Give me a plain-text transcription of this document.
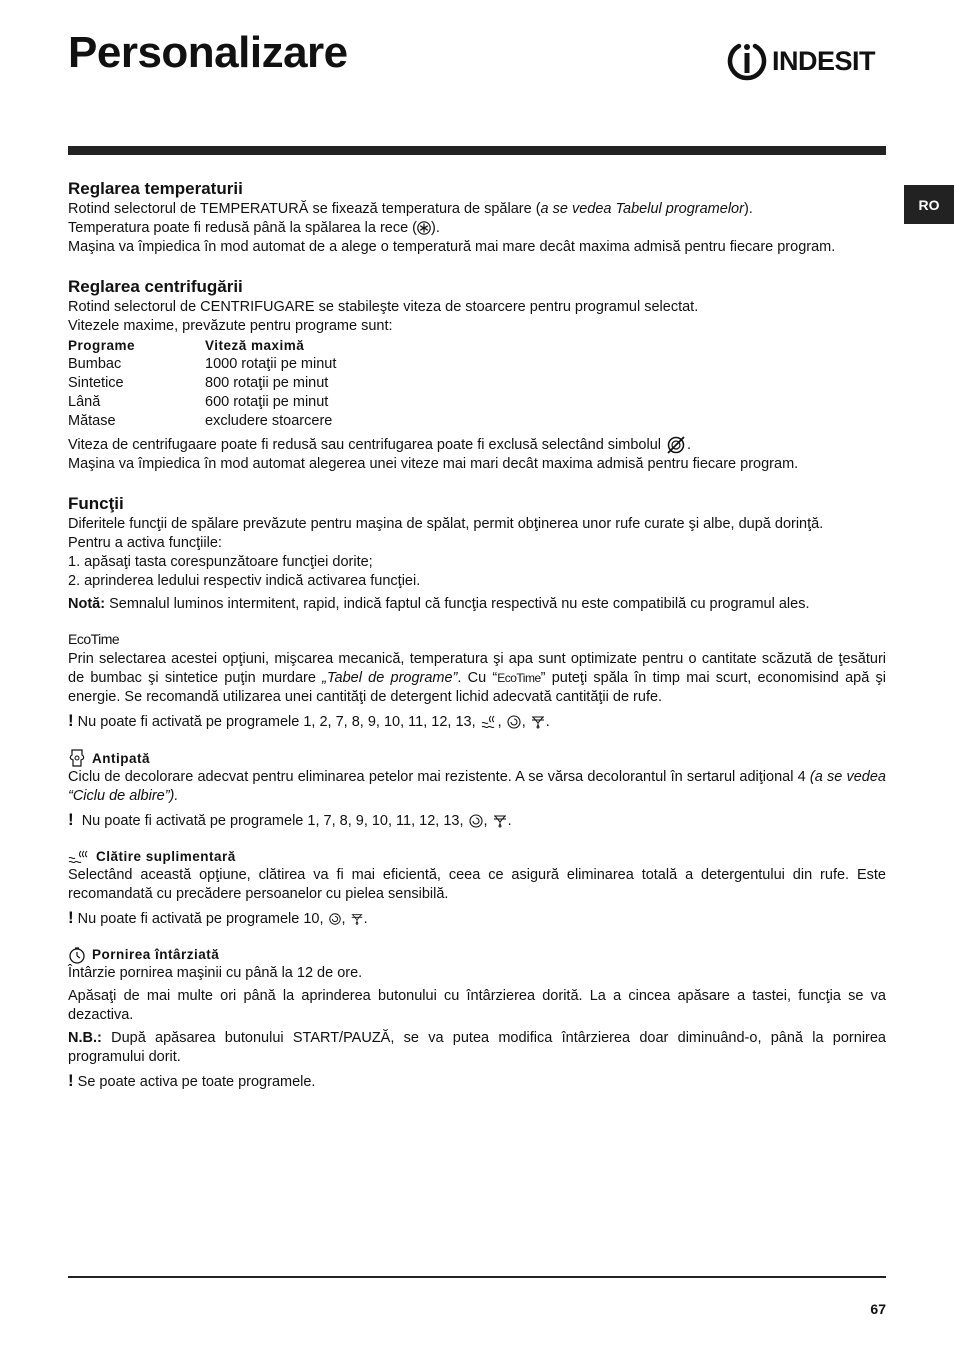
Personalizare	INDESIT
RO
Reglarea temperaturii

Rotind selectorul de TEMPERATURĂ se fixează temperatura de spălare (a se vedea Tabelul programelor).

Temperatura poate fi redusă până la spălarea la rece ( ).

Maşina va împiedica în mod automat de a alege o temperatură mai mare decât maxima admisă pentru fiecare program.

Reglarea centrifugării

Rotind selectorul de CENTRIFUGARE se stabileşte viteza de stoarcere pentru programul selectat.

Vitezele maxime, prevăzute pentru programe sunt:

Programe	Viteză maximă
Bumbac	1000 rotaţii pe minut
Sintetice	800 rotaţii pe minut
Lână	600 rotaţii pe minut
Mătase	excludere stoarcere

Viteza de centrifugaare poate fi redusă sau centrifugarea poate fi exclusă selectând simbolul .

Maşina va împiedica în mod automat alegerea unei viteze mai mari decât maxima admisă pentru fiecare program.

Funcţii

Diferitele funcţii de spălare prevăzute pentru maşina de spălat, permit obţinerea unor rufe curate şi albe, după dorinţă.

Pentru a activa funcţiile:

1. apăsaţi tasta corespunzătoare funcţiei dorite;

2. aprinderea ledului respectiv indică activarea funcţiei.

Notă: Semnalul luminos intermitent, rapid, indică faptul că funcţia respectivă nu este compatibilă cu programul ales.

EcoTime

Prin selectarea acestei opţiuni, mişcarea mecanică, temperatura şi apa sunt optimizate pentru o cantitate scăzută de ţesături de bumbac şi sintetice puţin murdare „Tabel de programe”. Cu “EcoTime” puteţi spăla în timp mai scurt, economisind apă şi energie. Se recomandă utilizarea unei cantităţi de detergent lichid adecvată cantităţii de rufe.

! Nu poate fi activată pe programele 1, 2, 7, 8, 9, 10, 11, 12, 13, , , .

Antipată

Ciclu de decolorare adecvat pentru eliminarea petelor mai rezistente. A se vărsa decolorantul în sertarul adiţional 4 (a se vedea “Ciclu de albire”).

! Nu poate fi activată pe programele 1, 7, 8, 9, 10, 11, 12, 13, , .

Clătire suplimentară

Selectând această opţiune, clătirea va fi mai eficientă, ceea ce asigură eliminarea totală a detergentului din rufe. Este recomandată cu precădere persoanelor cu pielea sensibilă.

! Nu poate fi activată pe programele 10, , .

Pornirea întârziată

Întârzie pornirea maşinii cu până la 12 de ore.

Apăsaţi de mai multe ori până la aprinderea butonului cu întârzierea dorită. La a cincea apăsare a tastei, funcţia se va dezactiva.

N.B.: După apăsarea butonului START/PAUZĂ, se va putea modifica întârzierea doar diminuând-o, până la pornirea programului dorit.

! Se poate activa pe toate programele.

67
